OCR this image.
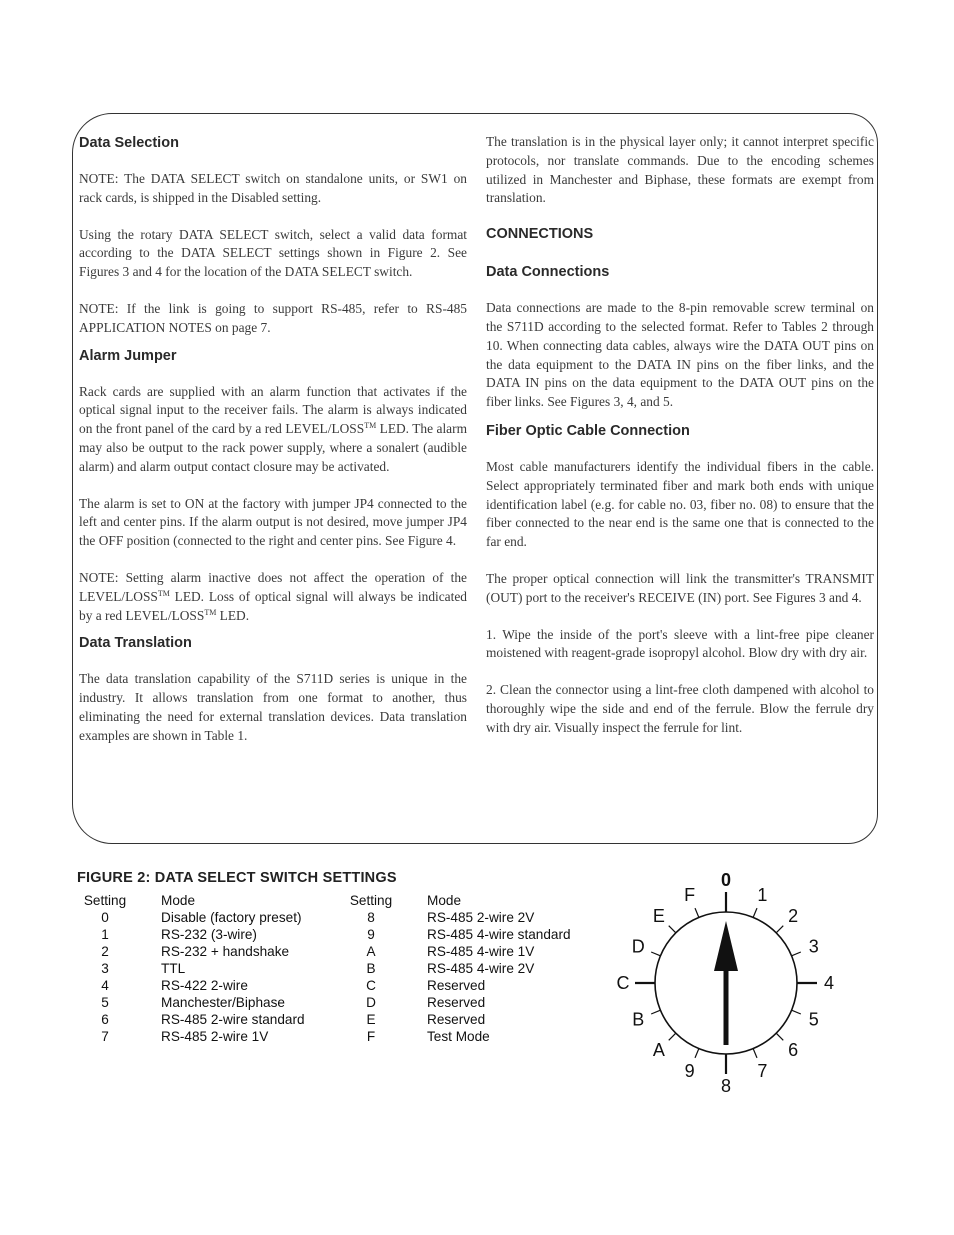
Data Selection

NOTE: The DATA SELECT switch on standalone units, or SW1 on rack cards, is shipped in the Disabled setting.

Using the rotary DATA SELECT switch, select a valid data format according to the DATA SELECT settings shown in Figure 2. See Figures 3 and 4 for the location of the DATA SELECT switch.

NOTE: If the link is going to support RS-485, refer to RS-485 APPLICATION NOTES on page 7.

Alarm Jumper

Rack cards are supplied with an alarm function that activates if the optical signal input to the receiver fails. The alarm is always indicated on the front panel of the card by a red LEVEL/LOSS™ LED. The alarm may also be output to the rack power supply, where a sonalert (audible alarm) and alarm output contact closure may be activated.

The alarm is set to ON at the factory with jumper JP4 connected to the left and center pins. If the alarm output is not desired, move jumper JP4 the OFF position (connected to the right and center pins. See Figure 4.

NOTE: Setting alarm inactive does not affect the operation of the LEVEL/LOSS™ LED. Loss of optical signal will always be indicated by a red LEVEL/LOSS™ LED.

Data Translation

The data translation capability of the S711D series is unique in the industry. It allows translation from one format to another, thus eliminating the need for external translation devices. Data translation examples are shown in Table 1.

The translation is in the physical layer only; it cannot interpret specific protocols, nor translate commands. Due to the encoding schemes utilized in Manchester and Biphase, these formats are exempt from translation.

CONNECTIONS
Data Connections

Data connections are made to the 8-pin removable screw terminal on the S711D according to the selected format. Refer to Tables 2 through 10. When connecting data cables, always wire the DATA OUT pins on the data equipment to the DATA IN pins on the fiber links, and the DATA IN pins on the data equipment to the DATA OUT pins on the fiber links. See Figures 3, 4, and 5.

Fiber Optic Cable Connection

Most cable manufacturers identify the individual fibers in the cable. Select appropriately terminated fiber and mark both ends with unique identification label (e.g. for cable no. 03, fiber no. 08) to ensure that the fiber connected to the near end is the same one that is connected to the far end.

The proper optical connection will link the transmitter's TRANSMIT (OUT) port to the receiver's RECEIVE (IN) port. See Figures 3 and 4.

1. Wipe the inside of the port's sleeve with a lint-free pipe cleaner moistened with reagent-grade isopropyl alcohol. Blow dry with dry air.

2. Clean the connector using a lint-free cloth dampened with alcohol to thoroughly wipe the side and end of the ferrule. Blow the ferrule dry with dry air. Visually inspect the ferrule for lint.

FIGURE 2: DATA SELECT SWITCH SETTINGS
Setting	Mode
0	Disable (factory preset)
1	RS-232 (3-wire)
2	RS-232 + handshake
3	TTL
4	RS-422 2-wire
5	Manchester/Biphase
6	RS-485 2-wire standard
7	RS-485 2-wire 1V
Setting	Mode
8	RS-485 2-wire 2V
9	RS-485 4-wire standard
A	RS-485 4-wire 1V
B	RS-485 4-wire 2V
C	Reserved
D	Reserved
E	Reserved
F	Test Mode
0
1
2
3
4
5
6
7
8
9
A
B
C
D
E
F
